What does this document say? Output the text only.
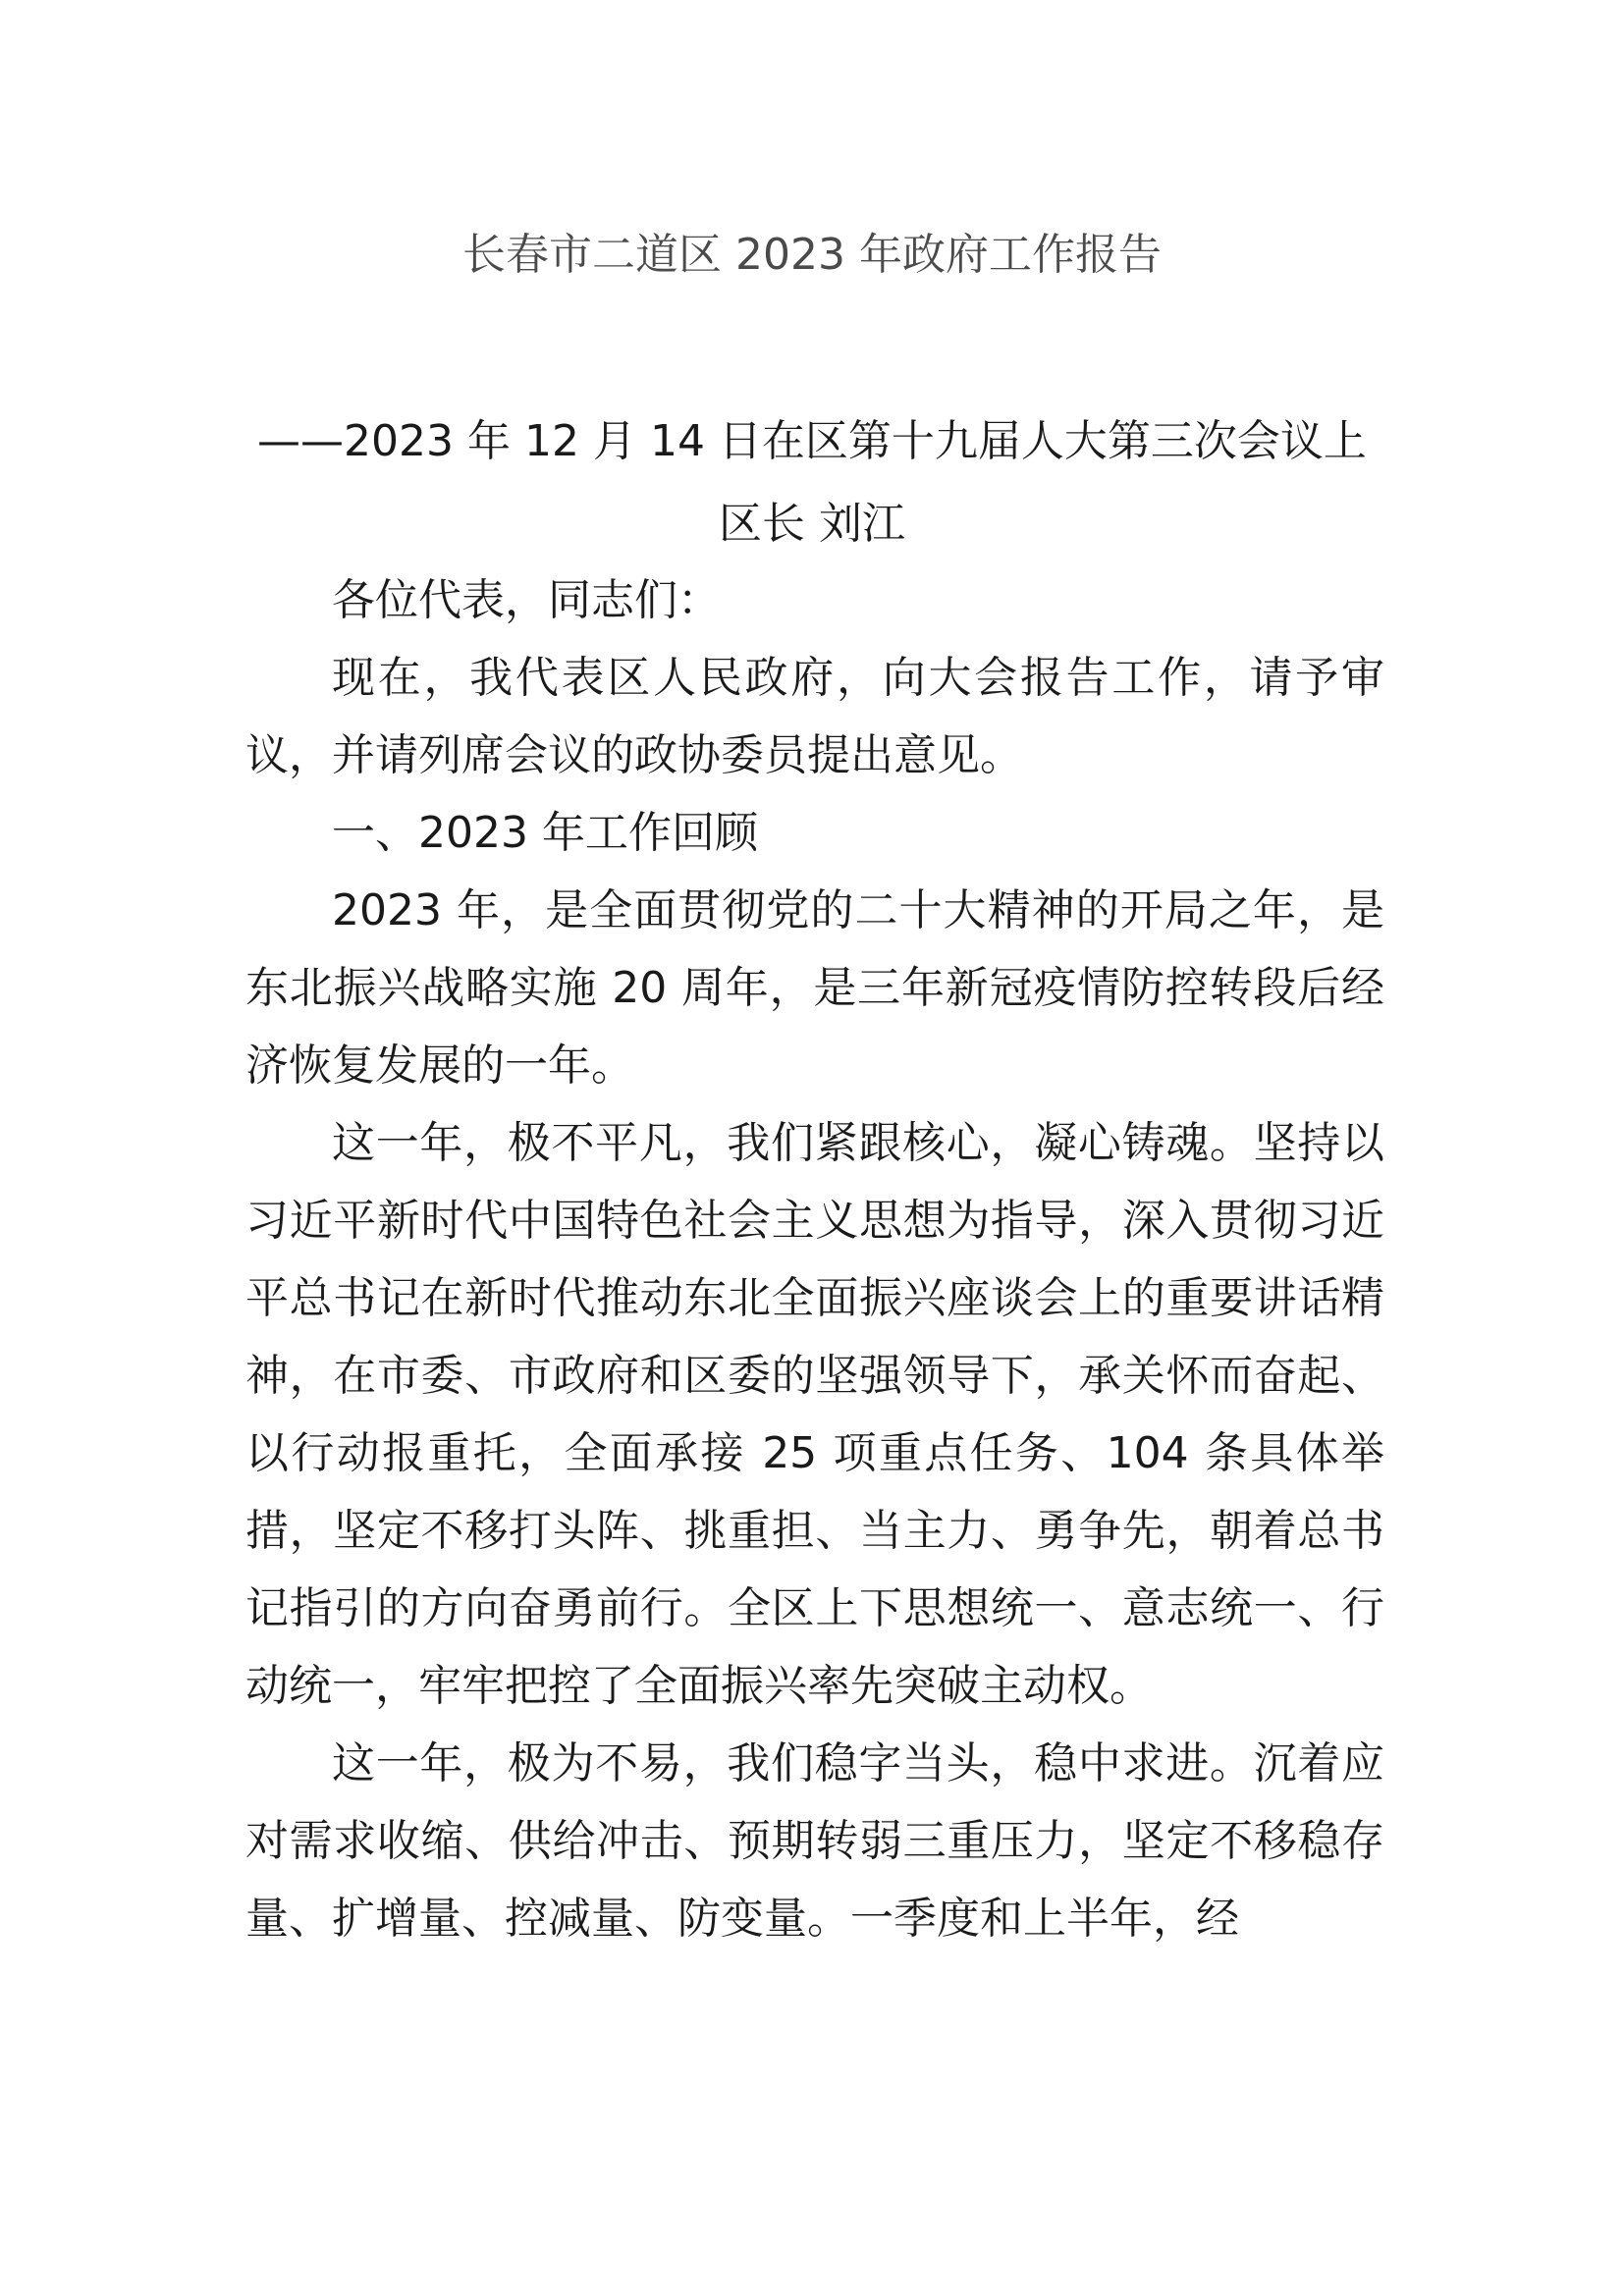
长春市二道区 2023 年政府工作报告
——2023 年 12 月 14 日在区第十九届人大第三次会议上
区长 刘江

各位代表，同志们：

现在，我代表区人民政府，向大会报告工作，请予审议，并请列席会议的政协委员提出意见。

一、2023 年工作回顾

2023 年，是全面贯彻党的二十大精神的开局之年，是东北振兴战略实施 20 周年，是三年新冠疫情防控转段后经济恢复发展的一年。

这一年，极不平凡，我们紧跟核心，凝心铸魂。坚持以习近平新时代中国特色社会主义思想为指导，深入贯彻习近平总书记在新时代推动东北全面振兴座谈会上的重要讲话精神，在市委、市政府和区委的坚强领导下，承关怀而奋起、以行动报重托，全面承接 25 项重点任务、104 条具体举措，坚定不移打头阵、挑重担、当主力、勇争先，朝着总书记指引的方向奋勇前行。全区上下思想统一、意志统一、行动统一，牢牢把控了全面振兴率先突破主动权。

这一年，极为不易，我们稳字当头，稳中求进。沉着应对需求收缩、供给冲击、预期转弱三重压力，坚定不移稳存量、扩增量、控减量、防变量。一季度和上半年，经
